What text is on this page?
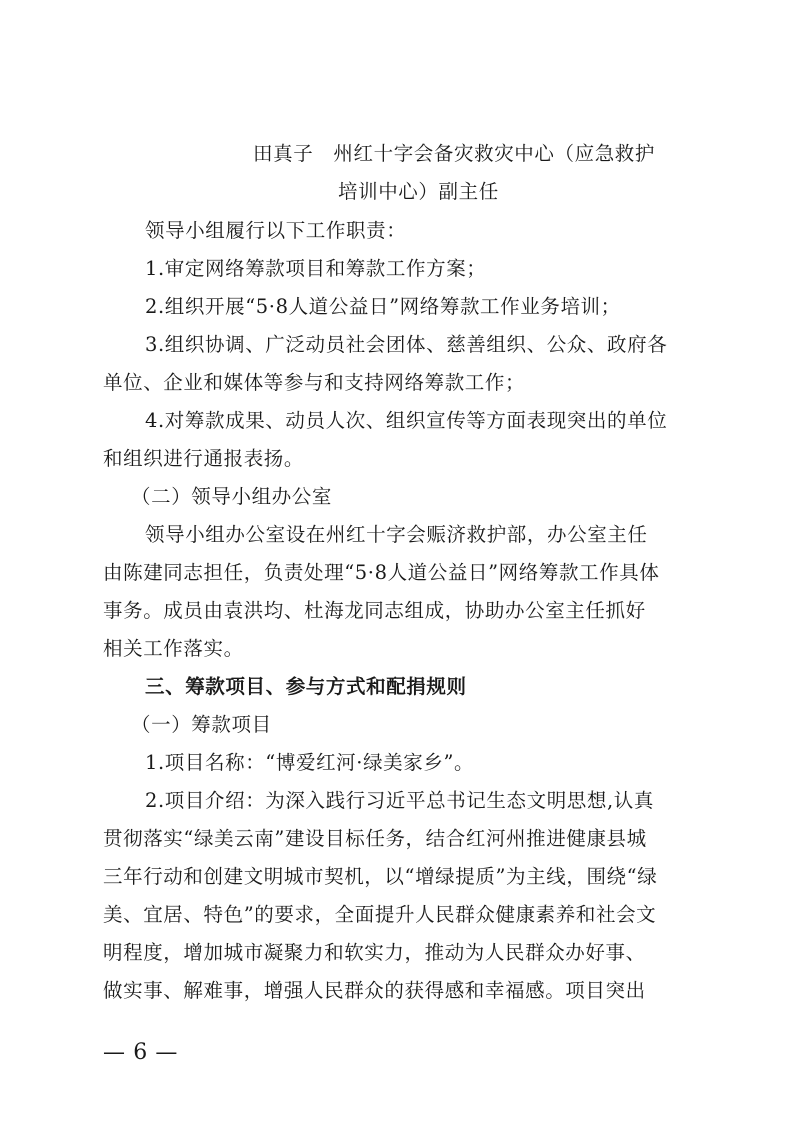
田真子　州红十字会备灾救灾中心（应急救护
培训中心）副主任
领导小组履行以下工作职责：
1.审定网络筹款项目和筹款工作方案；
2.组织开展“5·8人道公益日”网络筹款工作业务培训；
3.组织协调、广泛动员社会团体、慈善组织、公众、政府各
单位、企业和媒体等参与和支持网络筹款工作；
4.对筹款成果、动员人次、组织宣传等方面表现突出的单位
和组织进行通报表扬。
（二）领导小组办公室
领导小组办公室设在州红十字会赈济救护部，办公室主任
由陈建同志担任，负责处理“5·8人道公益日”网络筹款工作具体
事务。成员由袁洪均、杜海龙同志组成，协助办公室主任抓好
相关工作落实。
三、筹款项目、参与方式和配捐规则
（一）筹款项目
1.项目名称：“博爱红河·绿美家乡”。
2.项目介绍：为深入践行习近平总书记生态文明思想,认真
贯彻落实“绿美云南”建设目标任务，结合红河州推进健康县城
三年行动和创建文明城市契机，以“增绿提质”为主线，围绕“绿
美、宜居、特色”的要求，全面提升人民群众健康素养和社会文
明程度，增加城市凝聚力和软实力，推动为人民群众办好事、
做实事、解难事，增强人民群众的获得感和幸福感。项目突出
— 6 —
